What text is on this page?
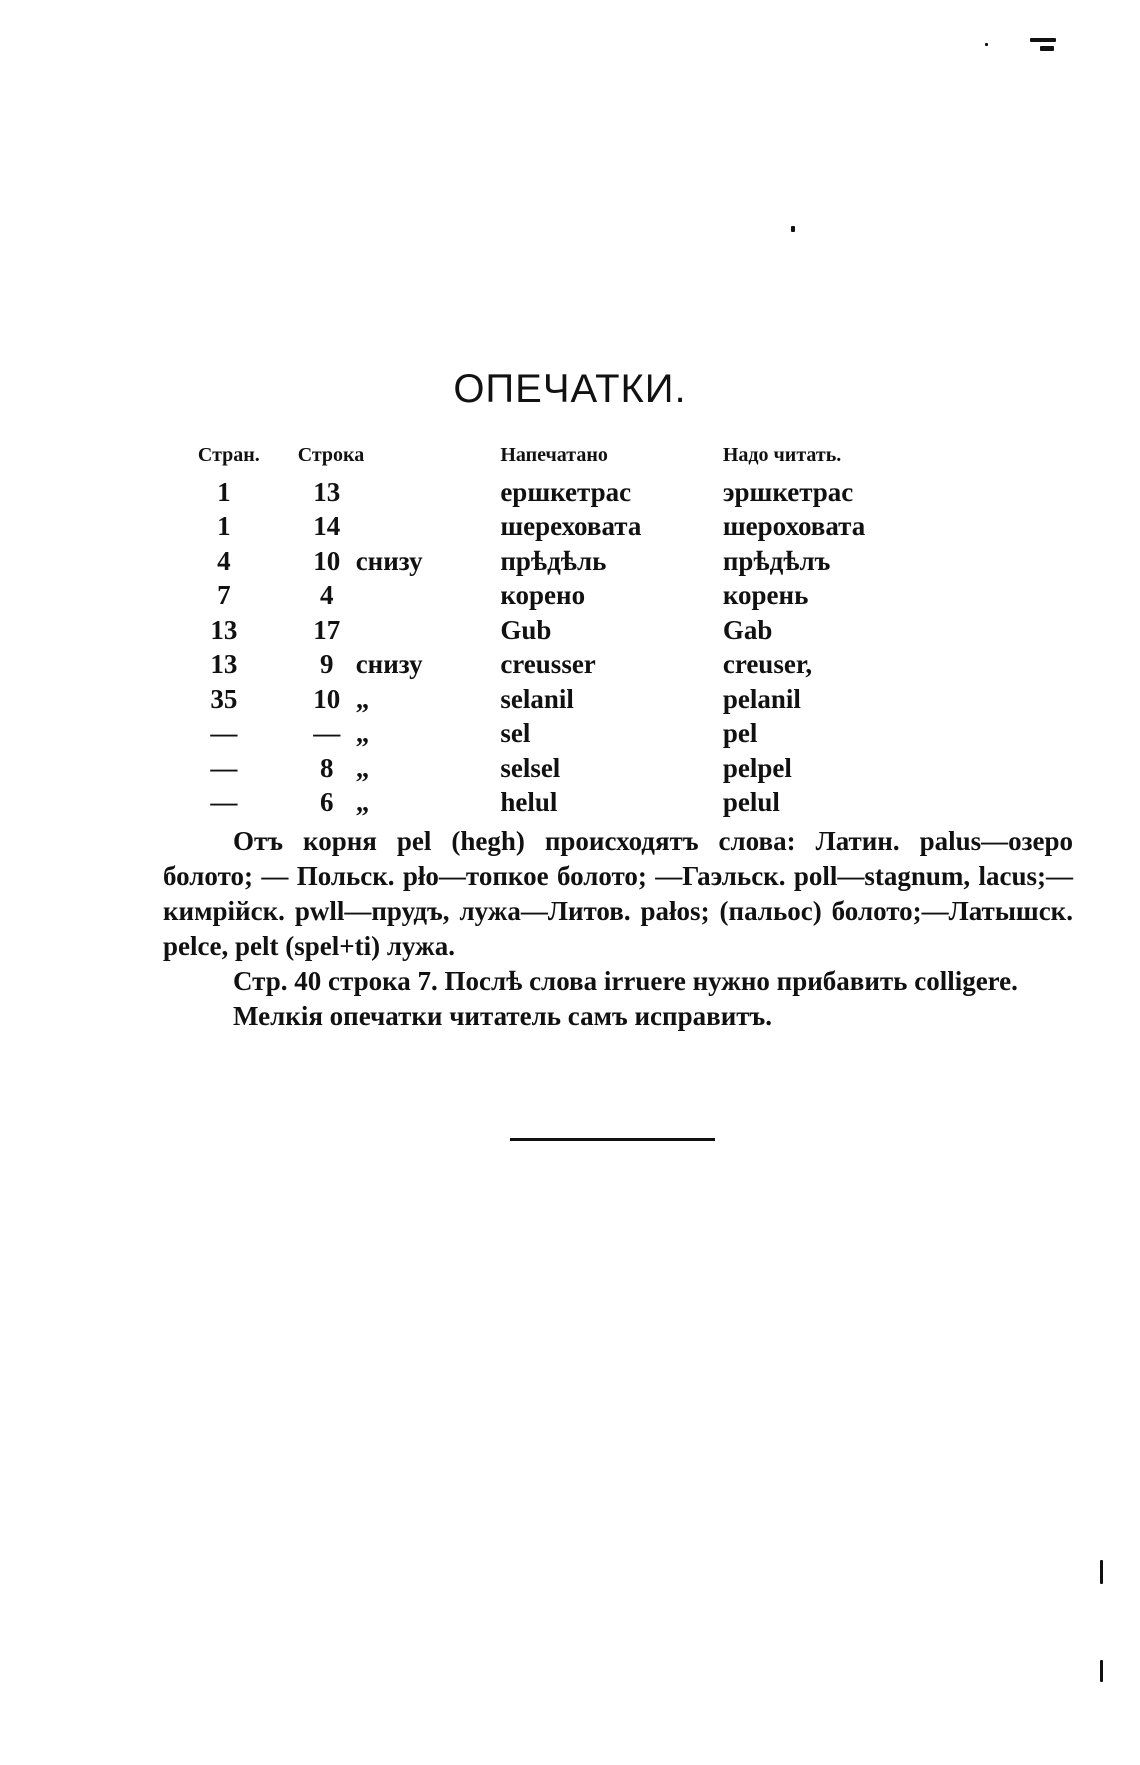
ОПЕЧАТКИ.
Стран.	Строка	Напечатано	Надо читать.
1	13	ершкетрас	эршкетрас
1	14	шереховата	шероховата
4	10 снизу	прѣдѣль	прѣдѣлъ
7	4	корено	корень
13	17	Gub	Gab
13	9 снизу	creusser	creuser,
35	10 „	selanil	pelanil
—	— „	sel	pel
—	8 „	selsel	pelpel
—	6 „	helul	pelul

Отъ корня pel (hegh) происходятъ слова: Латин. palus—озеро болото; — Польск. pło—топкое болото; —Гаэльск. poll—stagnum, lacus;—кимрійск. pwll—прудъ, лужа—Литов. pałos; (пальос) болото;—Латышск. pelce, pelt (spel+ti) лужа.

Стр. 40 строка 7. Послѣ слова irruere нужно прибавить colligere.

Мелкія опечатки читатель самъ исправитъ.
